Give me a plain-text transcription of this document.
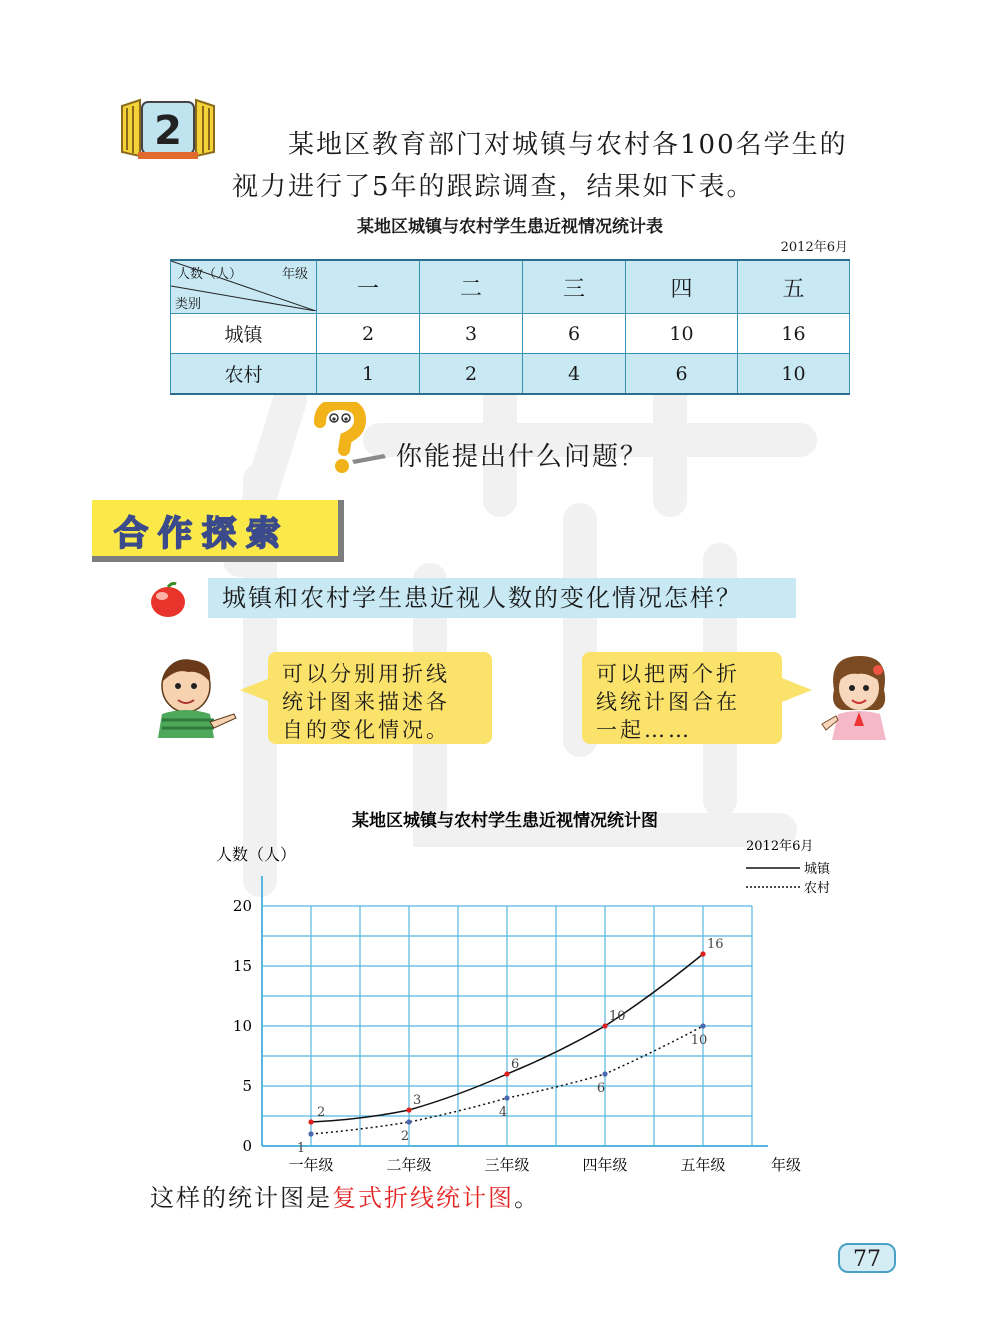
2	某地区教育部门对城镇与农村各100名学生的
视力进行了5年的跟踪调查，结果如下表。
某地区城镇与农村学生患近视情况统计表
2012年6月
人数（人） 年级
类别	一	二	三	四	五
城镇	2	3	6	10	16
农村	1	2	4	6	10
你能提出什么问题？
合作探索
城镇和农村学生患近视人数的变化情况怎样？
可以分别用折线
统计图来描述各
自的变化情况。
可以把两个折
线统计图合在
一起……
某地区城镇与农村学生患近视情况统计图
2012年6月
人数（人）
城镇
农村
0
5
10
15
20
一年级	二年级	三年级	四年级	五年级	年级
2
3
6
10
16
1
2
4
6
10
这样的统计图是复式折线统计图。
77
